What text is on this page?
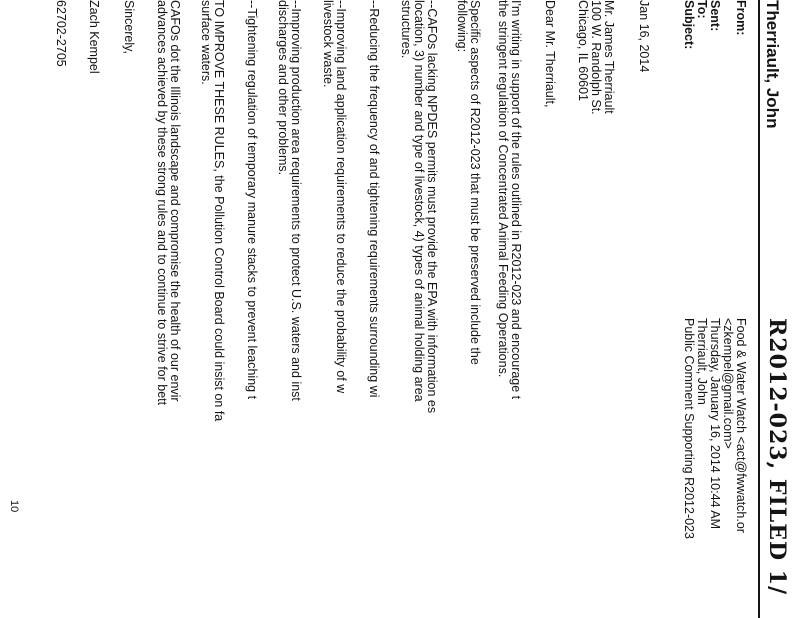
R2012-023, FILED 1/
Therriault, John
From:
Food & Water Watch <act@fwwatch.or
<zkempel@gmail.com>
Sent:
Thursday, January 16, 2014 10:44 AM
To:
Therriault, John
Subject:
Public Comment Supporting R2012-023
Jan 16, 2014
Mr. James Therriault
100 W. Randolph St.
Chicago, IL 60601
Dear Mr. Therriault,
I'm writing in support of the rules outlined in R2012-023 and encourage t
the stringent regulation of Concentrated Animal Feeding Operations.
Specific aspects of R2012-023 that must be preserved include the
following:
--CAFOs lacking NPDES permits must provide the EPA with information es
location, 3) number and type of livestock, 4) types of animal holding area
structures.
--Reducing the frequency of and tightening requirements surrounding wi
--Improving land application requirements to reduce the probability of w
livestock waste.
--Improving production area requirements to protect U.S. waters and inst
discharges and other problems.
--Tightening regulation of temporary manure stacks to prevent leaching t
TO IMPROVE THESE RULES, the Pollution Control Board could insist on fa
surface waters.
CAFOs dot the Illinois landscape and compromise the health of our envir
advances achieved by these strong rules and to continue to strive for bett
Sincerely,
Zach Kempel
62702-2705
10
